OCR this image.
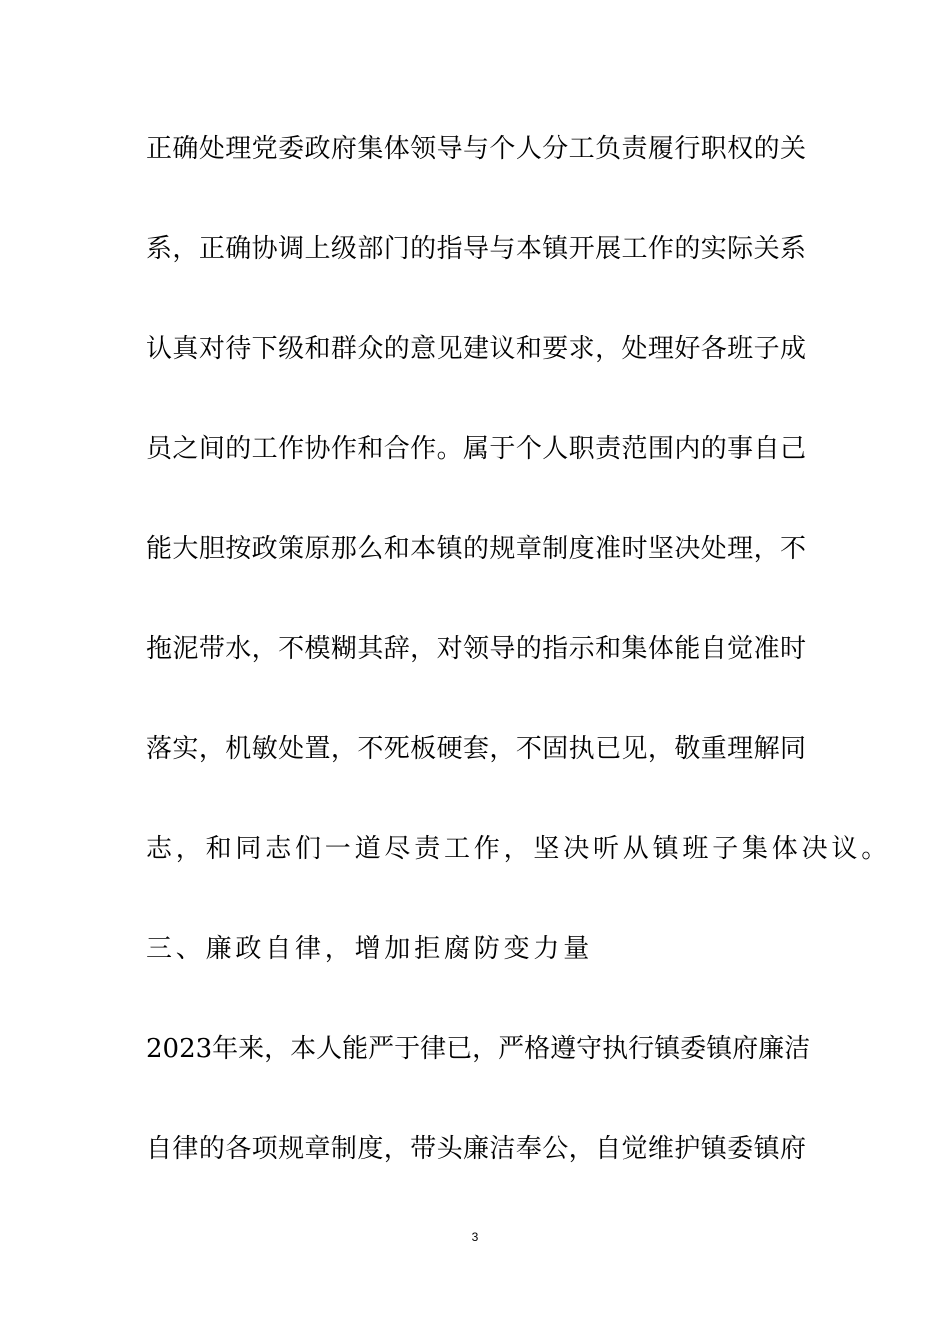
正确处理党委政府集体领导与个人分工负责履行职权的关
系，正确协调上级部门的指导与本镇开展工作的实际关系
认真对待下级和群众的意见建议和要求，处理好各班子成
员之间的工作协作和合作。属于个人职责范围内的事自己
能大胆按政策原那么和本镇的规章制度准时坚决处理，不
拖泥带水，不模糊其辞，对领导的指示和集体能自觉准时
落实，机敏处置，不死板硬套，不固执已见，敬重理解同
志，和同志们一道尽责工作，坚决听从镇班子集体决议。
三、廉政自律，增加拒腐防变力量
2023年来，本人能严于律已，严格遵守执行镇委镇府廉洁
自律的各项规章制度，带头廉洁奉公，自觉维护镇委镇府
3
